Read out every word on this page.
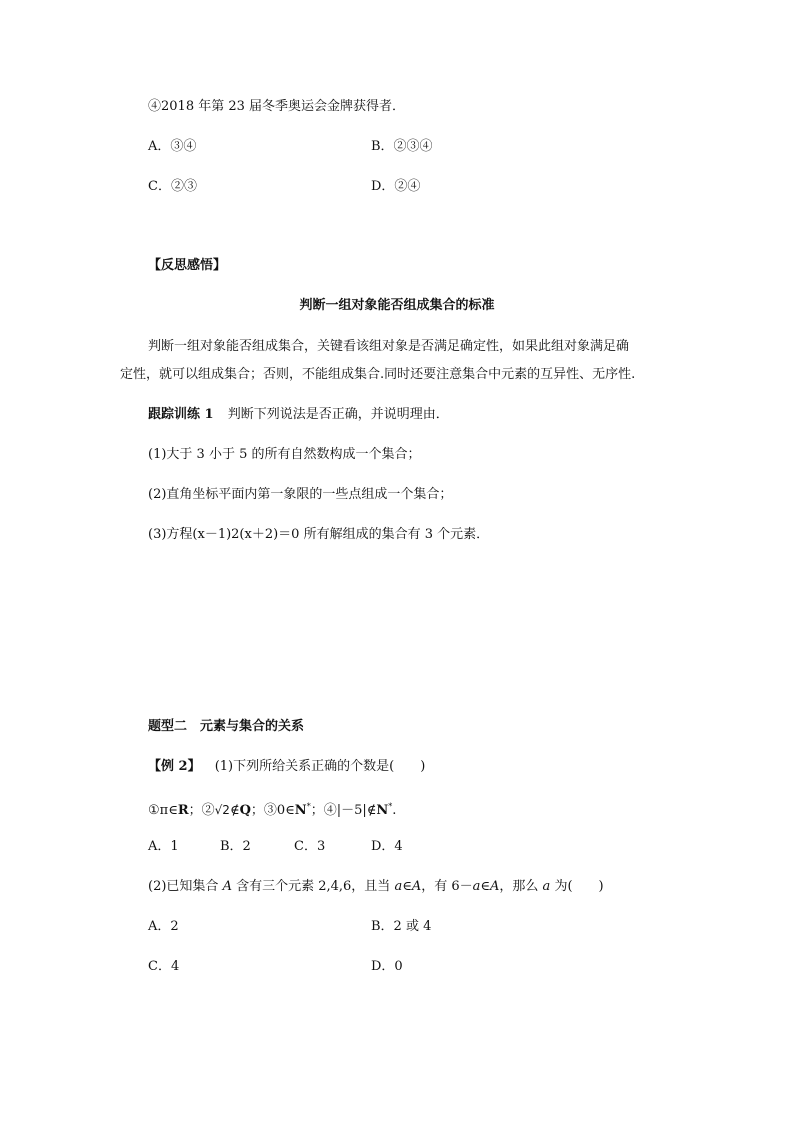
④2018 年第 23 届冬季奥运会金牌获得者．
A．③④	B．②③④
C．②③	D．②④
【反思感悟】
判断一组对象能否组成集合的标准
判断一组对象能否组成集合，关键看该组对象是否满足确定性，如果此组对象满足确
定性，就可以组成集合；否则，不能组成集合.同时还要注意集合中元素的互异性、无序性.
跟踪训练 1 判断下列说法是否正确，并说明理由．
(1)大于 3 小于 5 的所有自然数构成一个集合；
(2)直角坐标平面内第一象限的一些点组成一个集合；
(3)方程(x－1)2(x＋2)＝0 所有解组成的集合有 3 个元素．
题型二　元素与集合的关系
【例 2】 (1)下列所给关系正确的个数是(　　)
①π∈R；②√2∉Q；③0∈N*；④|－5|∉N*.
A．1	B．2	C．3	D．4
(2)已知集合 A 含有三个元素 2,4,6，且当 a∈A，有 6－a∈A，那么 a 为(　　)
A．2	B．2 或 4
C．4	D．0
